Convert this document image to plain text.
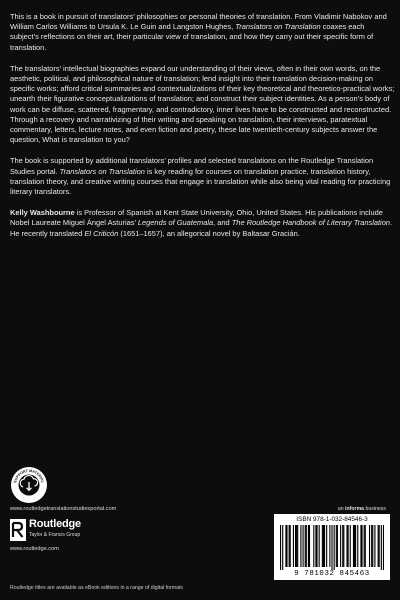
This is a book in pursuit of translators’ philosophies or personal theories of translation. From Vladimir Nabokov and William Carlos Williams to Ursula K. Le Guin and Langston Hughes, Translators on Translation coaxes each subject’s reflections on their art, their particular view of translation, and how they carry out their specific form of translation.

The translators’ intellectual biographies expand our understanding of their views, often in their own words, on the aesthetic, political, and philosophical nature of translation; lend insight into their translation decision-making on specific works; afford critical summaries and contextualizations of their key theoretical and theoretico-practical works; unearth their figurative conceptualizations of translation; and construct their subject identities. As a person’s body of work can be diffuse, scattered, fragmentary, and contradictory, inner lives have to be constructed and reconstructed. Through a recovery and narrativizing of their writing and speaking on translation, their interviews, paratextual commentary, letters, lecture notes, and even fiction and poetry, these late twentieth-century subjects answer the question, What is translation to you?

The book is supported by additional translators’ profiles and selected translations on the Routledge Translation Studies portal. Translators on Translation is key reading for courses on translation practice, translation history, translation theory, and creative writing courses that engage in translation while also being vital reading for practicing literary translators.

Kelly Washbourne is Professor of Spanish at Kent State University, Ohio, United States. His publications include Nobel Laureate Miguel Ángel Asturias’ Legends of Guatemala, and The Routledge Handbook of Literary Translation. He recently translated El Criticón (1651–1657), an allegorical novel by Baltasar Gracián.

SUPPORT MATERIAL
www.routledgetranslationstudiesportal.com
Routledge
Taylor & Francis Group
www.routledge.com
an informa business
ISBN 978-1-032-84546-3
9 781032 845463
Routledge titles are available as eBook editions in a range of digital formats
